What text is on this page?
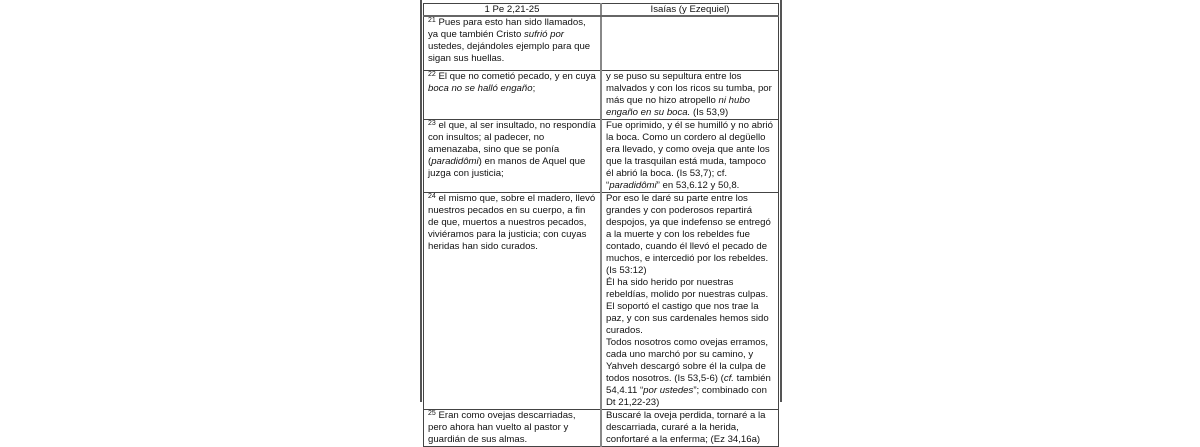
1 Pe 2,21-25	Isaías (y Ezequiel)
$^{21}$ Pues para esto han sido llamados, ya que también Cristo sufrió por ustedes, dejándoles ejemplo para que sigan sus huellas.	
$^{22}$ El que no cometió pecado, y en cuya boca no se halló engaño;	y se puso su sepultura entre los malvados y con los ricos su tumba, por más que no hizo atropello ni hubo engaño en su boca. (Is 53,9)
$^{23}$ el que, al ser insultado, no respondía con insultos; al padecer, no amenazaba, sino que se ponía (paradidômi) en manos de Aquel que juzga con justicia;	Fue oprimido, y él se humilló y no abrió la boca. Como un cordero al degüello era llevado, y como oveja que ante los que la trasquilan está muda, tampoco él abrió la boca. (Is 53,7); cf. “paradidômi” en 53,6.12 y 50,8.
$^{24}$ el mismo que, sobre el madero, llevó nuestros pecados en su cuerpo, a fin de que, muertos a nuestros pecados, viviéramos para la justicia; con cuyas heridas han sido curados.	Por eso le daré su parte entre los grandes y con poderosos repartirá despojos, ya que indefenso se entregó a la muerte y con los rebeldes fue contado, cuando él llevó el pecado de muchos, e intercedió por los rebeldes. (Is 53:12)
Él ha sido herido por nuestras rebeldías, molido por nuestras culpas. El soportó el castigo que nos trae la paz, y con sus cardenales hemos sido curados.
Todos nosotros como ovejas erramos, cada uno marchó por su camino, y Yahveh descargó sobre él la culpa de todos nosotros. (Is 53,5-6) (cf. también 54,4.11 “por ustedes”; combinado con Dt 21,22-23)
$^{25}$ Eran como ovejas descarriadas, pero ahora han vuelto al pastor y guardián de sus almas.	Buscaré la oveja perdida, tornaré a la descarriada, curaré a la herida, confortaré a la enferma; (Ez 34,16a)
